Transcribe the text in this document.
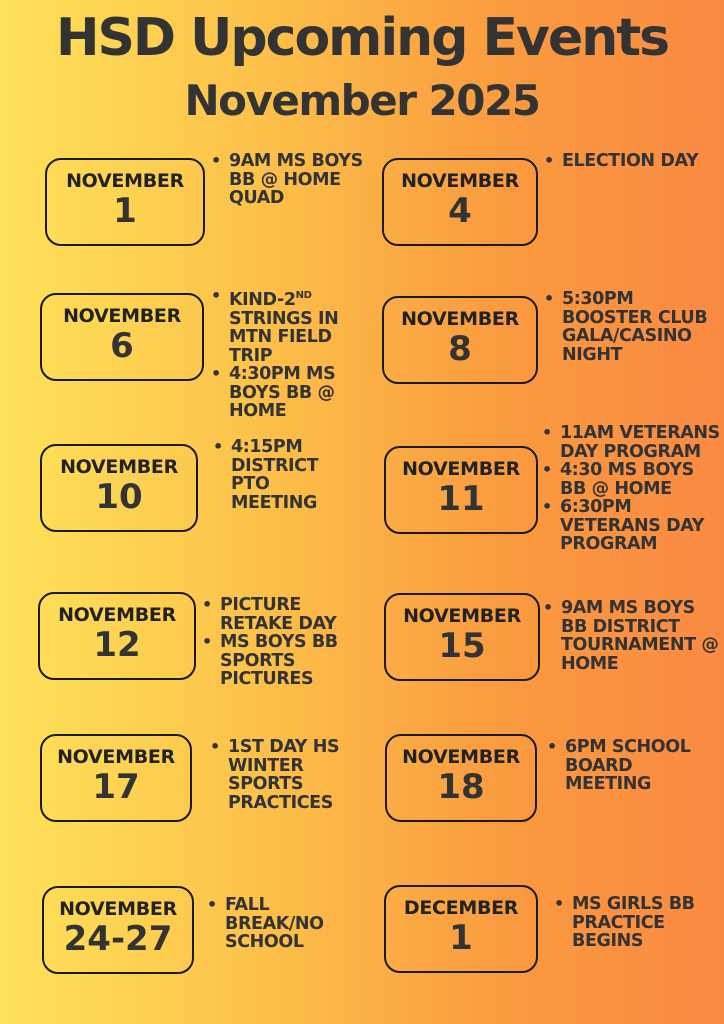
HSD Upcoming Events
November 2025
NOVEMBER
1
• 9AM MS BOYS BB @ HOME QUAD
NOVEMBER
4
• ELECTION DAY
NOVEMBER
6
• KIND-2ND STRINGS IN MTN FIELD TRIP
• 4:30PM MS BOYS BB @ HOME
NOVEMBER
8
• 5:30PM BOOSTER CLUB GALA/CASINO NIGHT
NOVEMBER
10
• 4:15PM DISTRICT PTO MEETING
NOVEMBER
11
• 11AM VETERANS DAY PROGRAM
• 4:30 MS BOYS BB @ HOME
• 6:30PM VETERANS DAY PROGRAM
NOVEMBER
12
• PICTURE RETAKE DAY
• MS BOYS BB SPORTS PICTURES
NOVEMBER
15
• 9AM MS BOYS BB DISTRICT TOURNAMENT @ HOME
NOVEMBER
17
• 1ST DAY HS WINTER SPORTS PRACTICES
NOVEMBER
18
• 6PM SCHOOL BOARD MEETING
NOVEMBER
24-27
• FALL BREAK/NO SCHOOL
DECEMBER
1
• MS GIRLS BB PRACTICE BEGINS
